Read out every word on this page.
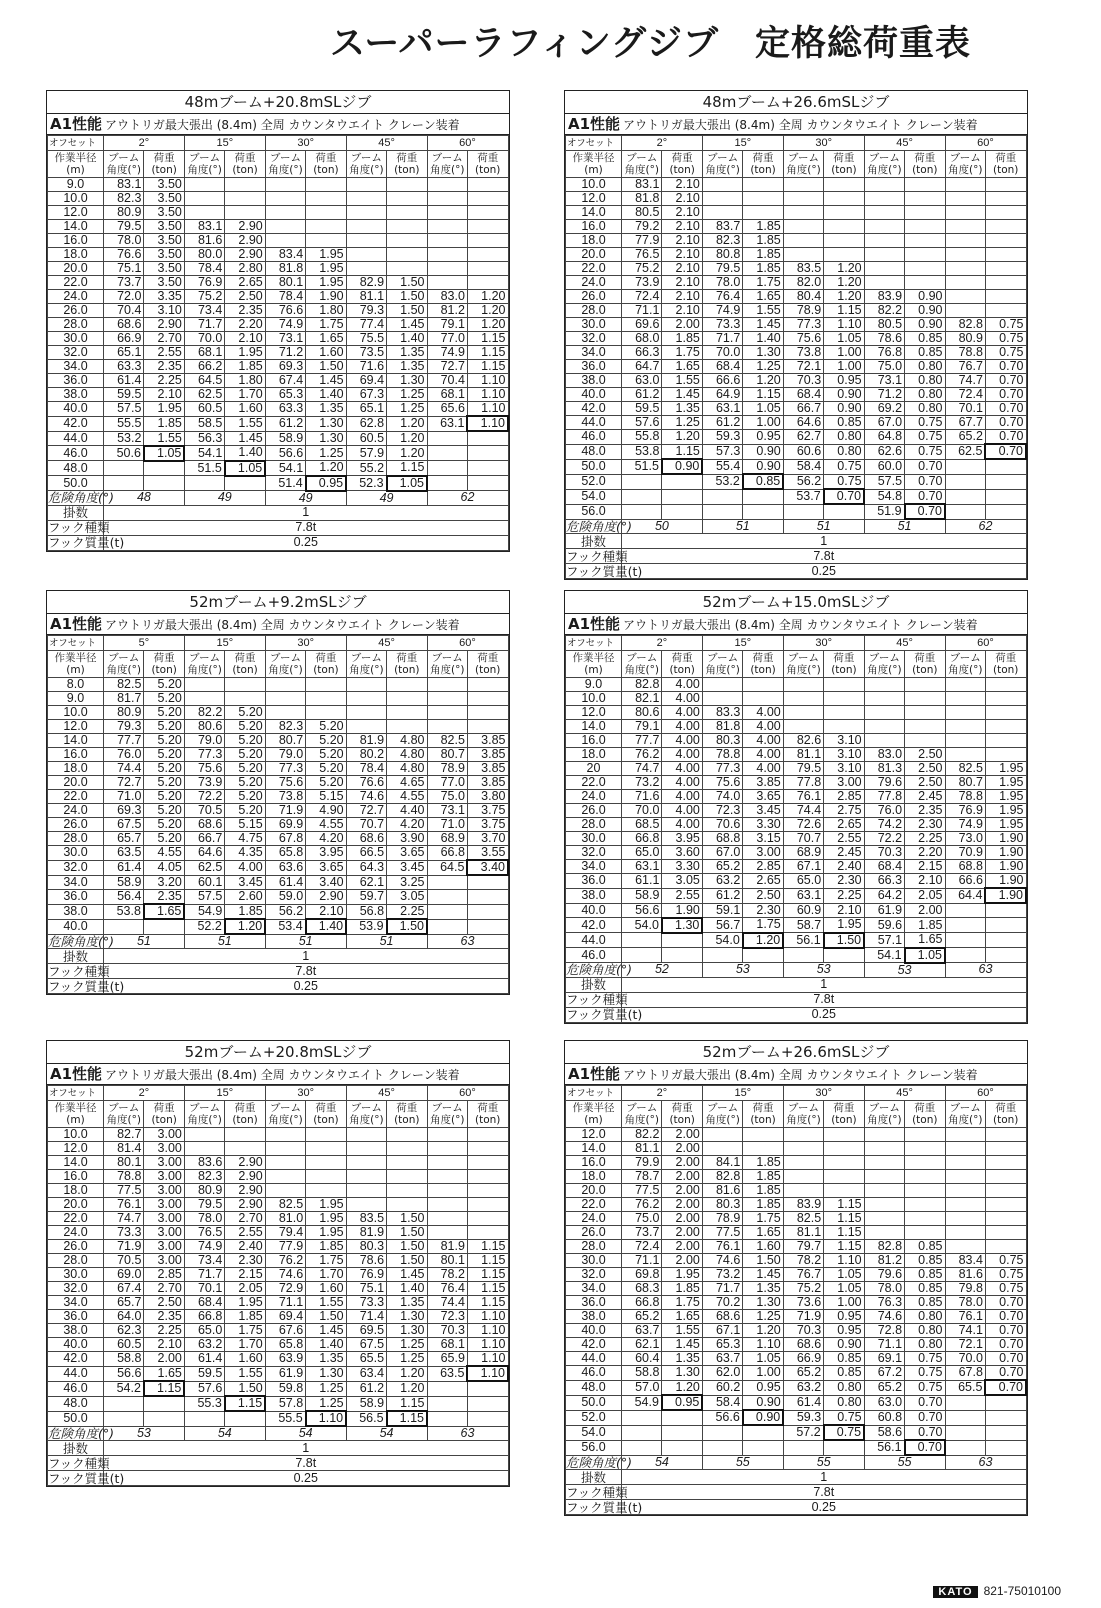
スーパーラフィングジブ　定格総荷重表
48mブーム+20.8mSLジブ
A1性能 アウトリガ最大張出 (8.4m) 全周 カウンタウエイト クレーン装着
オフセット	2°		15°		30°		45°		60°	
作業半径(m)	ブーム角度(°)	荷重(ton)	ブーム角度(°)	荷重(ton)	ブーム角度(°)	荷重(ton)	ブーム角度(°)	荷重(ton)	ブーム角度(°)	荷重(ton)
9.0	83.1	3.50								
10.0	82.3	3.50								
12.0	80.9	3.50								
14.0	79.5	3.50	83.1	2.90						
16.0	78.0	3.50	81.6	2.90						
18.0	76.6	3.50	80.0	2.90	83.4	1.95				
20.0	75.1	3.50	78.4	2.80	81.8	1.95				
22.0	73.7	3.50	76.9	2.65	80.1	1.95	82.9	1.50		
24.0	72.0	3.35	75.2	2.50	78.4	1.90	81.1	1.50	83.0	1.20
26.0	70.4	3.10	73.4	2.35	76.6	1.80	79.3	1.50	81.2	1.20
28.0	68.6	2.90	71.7	2.20	74.9	1.75	77.4	1.45	79.1	1.20
30.0	66.9	2.70	70.0	2.10	73.1	1.65	75.5	1.40	77.0	1.15
32.0	65.1	2.55	68.1	1.95	71.2	1.60	73.5	1.35	74.9	1.15
34.0	63.3	2.35	66.2	1.85	69.3	1.50	71.6	1.35	72.7	1.15
36.0	61.4	2.25	64.5	1.80	67.4	1.45	69.4	1.30	70.4	1.10
38.0	59.5	2.10	62.5	1.70	65.3	1.40	67.3	1.25	68.1	1.10
40.0	57.5	1.95	60.5	1.60	63.3	1.35	65.1	1.25	65.6	1.10
42.0	55.5	1.85	58.5	1.55	61.2	1.30	62.8	1.20	63.1	1.10
44.0	53.2	1.55	56.3	1.45	58.9	1.30	60.5	1.20		
46.0	50.6	1.05	54.1	1.40	56.6	1.25	57.9	1.20		
48.0			51.5	1.05	54.1	1.20	55.2	1.15		
50.0					51.4	0.95	52.3	1.05		
危険角度(°)	48		49		49		49		62	
掛数	1									
フック種類	7.8t									
フック質量(t)	0.25									
48mブーム+26.6mSLジブ
A1性能 アウトリガ最大張出 (8.4m) 全周 カウンタウエイト クレーン装着
オフセット	2°		15°		30°		45°		60°	
作業半径(m)	ブーム角度(°)	荷重(ton)	ブーム角度(°)	荷重(ton)	ブーム角度(°)	荷重(ton)	ブーム角度(°)	荷重(ton)	ブーム角度(°)	荷重(ton)
10.0	83.1	2.10								
12.0	81.8	2.10								
14.0	80.5	2.10								
16.0	79.2	2.10	83.7	1.85						
18.0	77.9	2.10	82.3	1.85						
20.0	76.5	2.10	80.8	1.85						
22.0	75.2	2.10	79.5	1.85	83.5	1.20				
24.0	73.9	2.10	78.0	1.75	82.0	1.20				
26.0	72.4	2.10	76.4	1.65	80.4	1.20	83.9	0.90		
28.0	71.1	2.10	74.9	1.55	78.9	1.15	82.2	0.90		
30.0	69.6	2.00	73.3	1.45	77.3	1.10	80.5	0.90	82.8	0.75
32.0	68.0	1.85	71.7	1.40	75.6	1.05	78.6	0.85	80.9	0.75
34.0	66.3	1.75	70.0	1.30	73.8	1.00	76.8	0.85	78.8	0.75
36.0	64.7	1.65	68.4	1.25	72.1	1.00	75.0	0.80	76.7	0.70
38.0	63.0	1.55	66.6	1.20	70.3	0.95	73.1	0.80	74.7	0.70
40.0	61.2	1.45	64.9	1.15	68.4	0.90	71.2	0.80	72.4	0.70
42.0	59.5	1.35	63.1	1.05	66.7	0.90	69.2	0.80	70.1	0.70
44.0	57.6	1.25	61.2	1.00	64.6	0.85	67.0	0.75	67.7	0.70
46.0	55.8	1.20	59.3	0.95	62.7	0.80	64.8	0.75	65.2	0.70
48.0	53.8	1.15	57.3	0.90	60.6	0.80	62.6	0.75	62.5	0.70
50.0	51.5	0.90	55.4	0.90	58.4	0.75	60.0	0.70		
52.0			53.2	0.85	56.2	0.75	57.5	0.70		
54.0					53.7	0.70	54.8	0.70		
56.0							51.9	0.70		
危険角度(°)	50		51		51		51		62	
掛数	1									
フック種類	7.8t									
フック質量(t)	0.25									
52mブーム+9.2mSLジブ
A1性能 アウトリガ最大張出 (8.4m) 全周 カウンタウエイト クレーン装着
オフセット	5°		15°		30°		45°		60°	
作業半径(m)	ブーム角度(°)	荷重(ton)	ブーム角度(°)	荷重(ton)	ブーム角度(°)	荷重(ton)	ブーム角度(°)	荷重(ton)	ブーム角度(°)	荷重(ton)
8.0	82.5	5.20								
9.0	81.7	5.20								
10.0	80.9	5.20	82.2	5.20						
12.0	79.3	5.20	80.6	5.20	82.3	5.20				
14.0	77.7	5.20	79.0	5.20	80.7	5.20	81.9	4.80	82.5	3.85
16.0	76.0	5.20	77.3	5.20	79.0	5.20	80.2	4.80	80.7	3.85
18.0	74.4	5.20	75.6	5.20	77.3	5.20	78.4	4.80	78.9	3.85
20.0	72.7	5.20	73.9	5.20	75.6	5.20	76.6	4.65	77.0	3.85
22.0	71.0	5.20	72.2	5.20	73.8	5.15	74.6	4.55	75.0	3.80
24.0	69.3	5.20	70.5	5.20	71.9	4.90	72.7	4.40	73.1	3.75
26.0	67.5	5.20	68.6	5.15	69.9	4.55	70.7	4.20	71.0	3.75
28.0	65.7	5.20	66.7	4.75	67.8	4.20	68.6	3.90	68.9	3.70
30.0	63.5	4.55	64.6	4.35	65.8	3.95	66.5	3.65	66.8	3.55
32.0	61.4	4.05	62.5	4.00	63.6	3.65	64.3	3.45	64.5	3.40
34.0	58.9	3.20	60.1	3.45	61.4	3.40	62.1	3.25		
36.0	56.4	2.35	57.5	2.60	59.0	2.90	59.7	3.05		
38.0	53.8	1.65	54.9	1.85	56.2	2.10	56.8	2.25		
40.0			52.2	1.20	53.4	1.40	53.9	1.50		
危険角度(°)	51		51		51		51		63	
掛数	1									
フック種類	7.8t									
フック質量(t)	0.25									
52mブーム+15.0mSLジブ
A1性能 アウトリガ最大張出 (8.4m) 全周 カウンタウエイト クレーン装着
オフセット	2°		15°		30°		45°		60°	
作業半径(m)	ブーム角度(°)	荷重(ton)	ブーム角度(°)	荷重(ton)	ブーム角度(°)	荷重(ton)	ブーム角度(°)	荷重(ton)	ブーム角度(°)	荷重(ton)
9.0	82.8	4.00								
10.0	82.1	4.00								
12.0	80.6	4.00	83.3	4.00						
14.0	79.1	4.00	81.8	4.00						
16.0	77.7	4.00	80.3	4.00	82.6	3.10				
18.0	76.2	4.00	78.8	4.00	81.1	3.10	83.0	2.50		
20	74.7	4.00	77.3	4.00	79.5	3.10	81.3	2.50	82.5	1.95
22.0	73.2	4.00	75.6	3.85	77.8	3.00	79.6	2.50	80.7	1.95
24.0	71.6	4.00	74.0	3.65	76.1	2.85	77.8	2.45	78.8	1.95
26.0	70.0	4.00	72.3	3.45	74.4	2.75	76.0	2.35	76.9	1.95
28.0	68.5	4.00	70.6	3.30	72.6	2.65	74.2	2.30	74.9	1.95
30.0	66.8	3.95	68.8	3.15	70.7	2.55	72.2	2.25	73.0	1.90
32.0	65.0	3.60	67.0	3.00	68.9	2.45	70.3	2.20	70.9	1.90
34.0	63.1	3.30	65.2	2.85	67.1	2.40	68.4	2.15	68.8	1.90
36.0	61.1	3.05	63.2	2.65	65.0	2.30	66.3	2.10	66.6	1.90
38.0	58.9	2.55	61.2	2.50	63.1	2.25	64.2	2.05	64.4	1.90
40.0	56.6	1.90	59.1	2.30	60.9	2.10	61.9	2.00		
42.0	54.0	1.30	56.7	1.75	58.7	1.95	59.6	1.85		
44.0			54.0	1.20	56.1	1.50	57.1	1.65		
46.0							54.1	1.05		
危険角度(°)	52		53		53		53		63	
掛数	1									
フック種類	7.8t									
フック質量(t)	0.25									
52mブーム+20.8mSLジブ
A1性能 アウトリガ最大張出 (8.4m) 全周 カウンタウエイト クレーン装着
オフセット	2°		15°		30°		45°		60°	
作業半径(m)	ブーム角度(°)	荷重(ton)	ブーム角度(°)	荷重(ton)	ブーム角度(°)	荷重(ton)	ブーム角度(°)	荷重(ton)	ブーム角度(°)	荷重(ton)
10.0	82.7	3.00								
12.0	81.4	3.00								
14.0	80.1	3.00	83.6	2.90						
16.0	78.8	3.00	82.3	2.90						
18.0	77.5	3.00	80.9	2.90						
20.0	76.1	3.00	79.5	2.90	82.5	1.95				
22.0	74.7	3.00	78.0	2.70	81.0	1.95	83.5	1.50		
24.0	73.3	3.00	76.5	2.55	79.4	1.95	81.9	1.50		
26.0	71.9	3.00	74.9	2.40	77.9	1.85	80.3	1.50	81.9	1.15
28.0	70.5	3.00	73.4	2.30	76.2	1.75	78.6	1.50	80.1	1.15
30.0	69.0	2.85	71.7	2.15	74.6	1.70	76.9	1.45	78.2	1.15
32.0	67.4	2.70	70.1	2.05	72.9	1.60	75.1	1.40	76.4	1.15
34.0	65.7	2.50	68.4	1.95	71.1	1.55	73.3	1.35	74.4	1.15
36.0	64.0	2.35	66.8	1.85	69.4	1.50	71.4	1.30	72.3	1.10
38.0	62.3	2.25	65.0	1.75	67.6	1.45	69.5	1.30	70.3	1.10
40.0	60.5	2.10	63.2	1.70	65.8	1.40	67.5	1.25	68.1	1.10
42.0	58.8	2.00	61.4	1.60	63.9	1.35	65.5	1.25	65.9	1.10
44.0	56.6	1.65	59.5	1.55	61.9	1.30	63.4	1.20	63.5	1.10
46.0	54.2	1.15	57.6	1.50	59.8	1.25	61.2	1.20		
48.0			55.3	1.15	57.8	1.25	58.9	1.15		
50.0					55.5	1.10	56.5	1.15		
危険角度(°)	53		54		54		54		63	
掛数	1									
フック種類	7.8t									
フック質量(t)	0.25									
52mブーム+26.6mSLジブ
A1性能 アウトリガ最大張出 (8.4m) 全周 カウンタウエイト クレーン装着
オフセット	2°		15°		30°		45°		60°	
作業半径(m)	ブーム角度(°)	荷重(ton)	ブーム角度(°)	荷重(ton)	ブーム角度(°)	荷重(ton)	ブーム角度(°)	荷重(ton)	ブーム角度(°)	荷重(ton)
12.0	82.2	2.00								
14.0	81.1	2.00								
16.0	79.9	2.00	84.1	1.85						
18.0	78.7	2.00	82.8	1.85						
20.0	77.5	2.00	81.6	1.85						
22.0	76.2	2.00	80.3	1.85	83.9	1.15				
24.0	75.0	2.00	78.9	1.75	82.5	1.15				
26.0	73.7	2.00	77.5	1.65	81.1	1.15				
28.0	72.4	2.00	76.1	1.60	79.7	1.15	82.8	0.85		
30.0	71.1	2.00	74.6	1.50	78.2	1.10	81.2	0.85	83.4	0.75
32.0	69.8	1.95	73.2	1.45	76.7	1.05	79.6	0.85	81.6	0.75
34.0	68.3	1.85	71.7	1.35	75.2	1.05	78.0	0.85	79.8	0.75
36.0	66.8	1.75	70.2	1.30	73.6	1.00	76.3	0.85	78.0	0.70
38.0	65.2	1.65	68.6	1.25	71.9	0.95	74.6	0.80	76.1	0.70
40.0	63.7	1.55	67.1	1.20	70.3	0.95	72.8	0.80	74.1	0.70
42.0	62.1	1.45	65.3	1.10	68.6	0.90	71.1	0.80	72.1	0.70
44.0	60.4	1.35	63.7	1.05	66.9	0.85	69.1	0.75	70.0	0.70
46.0	58.8	1.30	62.0	1.00	65.2	0.85	67.2	0.75	67.8	0.70
48.0	57.0	1.20	60.2	0.95	63.2	0.80	65.2	0.75	65.5	0.70
50.0	54.9	0.95	58.4	0.90	61.4	0.80	63.0	0.70		
52.0			56.6	0.90	59.3	0.75	60.8	0.70		
54.0					57.2	0.75	58.6	0.70		
56.0							56.1	0.70		
危険角度(°)	54		55		55		55		63	
掛数	1									
フック種類	7.8t									
フック質量(t)	0.25									
KATO 821-75010100
